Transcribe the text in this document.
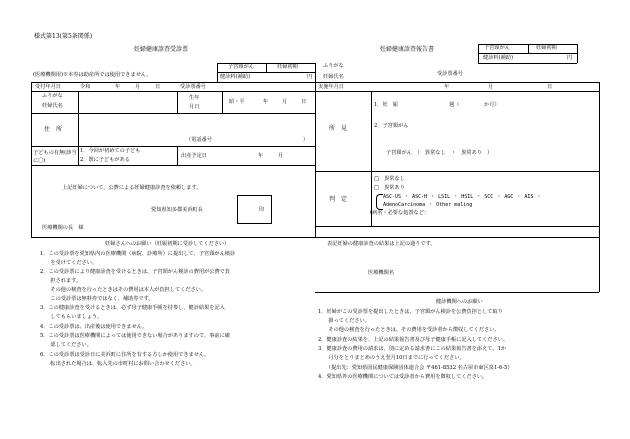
様式第13(第5条関係)
妊婦健康診査受診票	妊婦健康診査報告書	子宮頸がん	妊婦初期
健診料(補助)	円
子宮頸がん	妊婦初期
健診料(補助)	円
(医療機関用)※本券は助産所では使用できません。
ふりがな
妊婦氏名	受診票番号
受付年月日	令和	年	月	日	受診票番号
ふりがな
妊婦氏名
生年月日
昭・平	年	月	日
住　所
（電話番号	）
子どもの有無(該当に〇)
1．今回が初めての子ども
2．既に子どもがある
出産予定日	年	月
上記妊婦について、公費による妊婦健康診査を依頼します。
愛知県知多郡美浜町長	印
医療機関の長　様
実施年月日	年	月	日
所　見
1．妊　娠	週（	か月）
2．子宮頸がん
子宮頸がん　（　異常なし　・　異常あり　）
判　定
□　異常なし
□　異常あり
ASC-US ・ ASC-H ・ LSIL ・ HSIL ・ SCC ・ AGC ・ AIS ・
AdenoCarcinoma ・ Other maling
(病名・必要な処置など：
表記妊婦の健康診査の結果は上記の通りです。
医療機関名
妊婦さんへのお願い（妊娠初期に受診してください）
1．この受診票を愛知県内の医療機関（病院、診療所）に提出して、子宮頸がん検診
　　を受けてください。
2．この受診票により健康診査を受けるときは、子宮頸がん検診の費用が公費で負
　　担されます。
　　その他の検査を行ったときはその費用は本人が負担してください。
　　この受診票は無料券ではなく、補助券です。
3．この健康診査を受けるときは、必ず母子健康手帳を持参し、健診結果を記入
　　してもらいましょう。
4．この受診票は、出産後は使用できません。
5．この受診票は医療機関によっては使用できない場合がありますので、事前に確
　　認してください。
6．この受診票は受診日に美浜町に住所を有する方しか使用できません。
　　転出された場合は、転入先の市町村にお問い合わせください。
健診機関へのお願い
1．妊婦がこの受診票を提出したときは、子宮頸がん検診を公費負担として取り
　　扱ってください。
　　その他の検査を行ったときは、その費用を受診者から徴収してください。
2．健康診査の結果を、上記の結果報告書及び母子健康手帳に記入してください。
3．健康診査の費用の請求は、別に定める請求書にこの結果報告書を添えて、1か
　　月分をとりまとめのうえ翌月10日までに行ってください。
　　（提出先：愛知県国民健康保険団体連合会 〒461-8532 名古屋市東区泉1-6-5）
4．愛知県外の医療機関については受診者から費用を徴収してください。
